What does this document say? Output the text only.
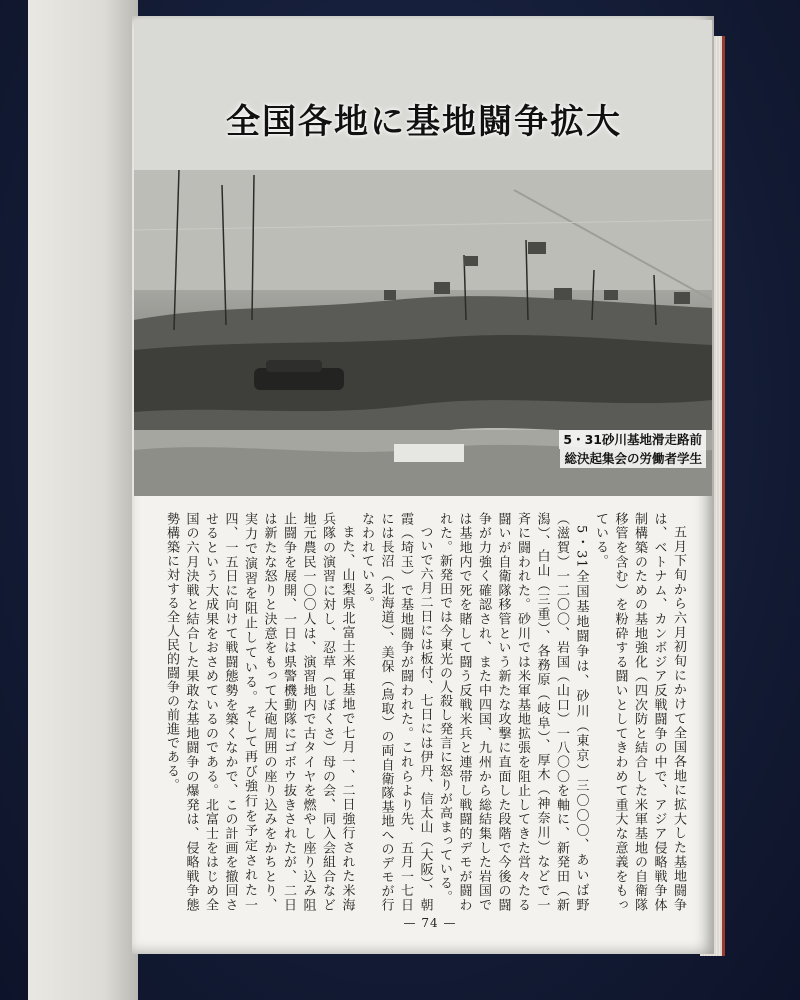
全国各地に基地闘争拡大
5・31砂川基地滑走路前
総決起集会の労働者学生

五月下旬から六月初旬にかけて全国各地に拡大した基地闘争は、ベトナム、カンボジア反戦闘争の中で、アジア侵略戦争体制構築のための基地強化（四次防と結合した米軍基地の自衛隊移管を含む）を粉砕する闘いとしてきわめて重大な意義をもっている。

5・31全国基地闘争は、砂川（東京）三〇〇〇、あいば野（滋賀）一二〇〇、岩国（山口）一八〇〇を軸に、新発田（新潟）、白山（三重）、各務原（岐阜）、厚木（神奈川）などで一斉に闘われた。砂川では米軍基地拡張を阻止してきた営々たる闘いが自衛隊移管という新たな攻撃に直面した段階で今後の闘争が力強く確認され、また中四国、九州から総結集した岩国では基地内で死を賭して闘う反戦米兵と連帯し戦闘的デモが闘われた。新発田では今東光の人殺し発言に怒りが高まっている。

ついで六月二日には板付、七日には伊丹、信太山（大阪）、朝霞（埼玉）で基地闘争が闘われた。これらより先、五月一七日には長沼（北海道）、美保（鳥取）の両自衛隊基地へのデモが行なわれている。

また、山梨県北富士米軍基地で七月一、二日強行された米海兵隊の演習に対し、忍草（しぼくさ）母の会、同入会組合など地元農民一〇〇人は、演習地内で古タイヤを燃やし座り込み阻止闘争を展開、一日は県警機動隊にゴボウ抜きされたが、二日は新たな怒りと決意をもって大砲周囲の座り込みをかちとり、実力で演習を阻止している。そして再び強行を予定された一四、一五日に向けて戦闘態勢を築くなかで、この計画を撤回させるという大成果をおさめているのである。北富士をはじめ全国の六月決戦と結合した果敢な基地闘争の爆発は、侵略戦争態勢構築に対する全人民的闘争の前進である。

— 74 —
